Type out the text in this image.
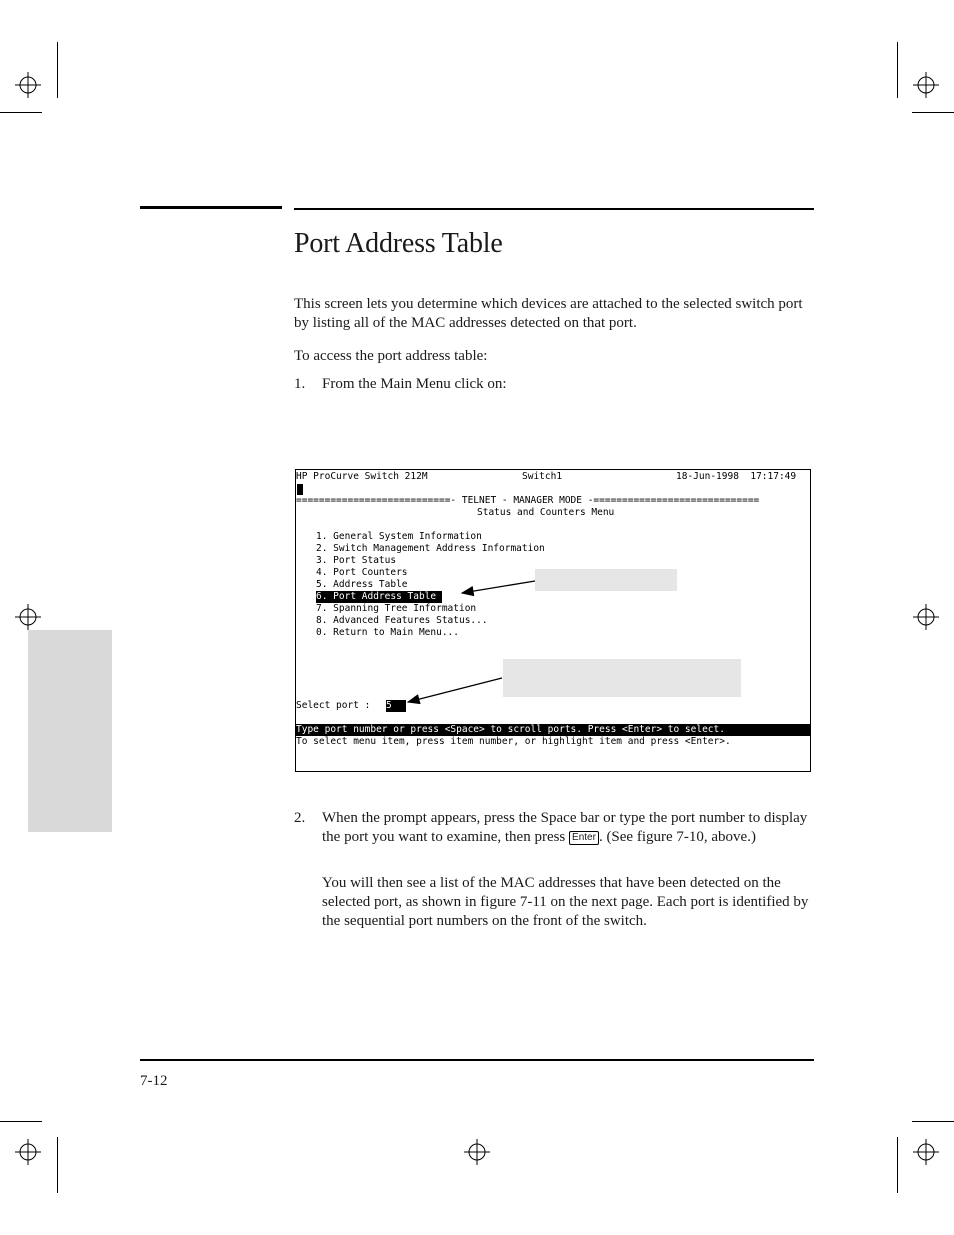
Port Address Table

This screen lets you determine which devices are attached to the selected switch port by listing all of the MAC addresses detected on that port.

To access the port address table:

1. From the Main Menu click on:

HP ProCurve Switch 212M	Switch1	18-Jun-1998  17:17:49
===========================- TELNET - MANAGER MODE -=============================
Status and Counters Menu
1. General System Information
2. Switch Management Address Information
3. Port Status
4. Port Counters
5. Address Table
6. Port Address Table
7. Spanning Tree Information
8. Advanced Features Status...
0. Return to Main Menu...
Select port : 5
Type port number or press <Space> to scroll ports. Press <Enter> to select.
To select menu item, press item number, or highlight item and press <Enter>.
2. When the prompt appears, press the Space bar or type the port number to display the port you want to examine, then press Enter . (See figure 7-10, above.)

You will then see a list of the MAC addresses that have been detected on the selected port, as shown in figure 7-11 on the next page. Each port is identified by the sequential port numbers on the front of the switch.

7-12
